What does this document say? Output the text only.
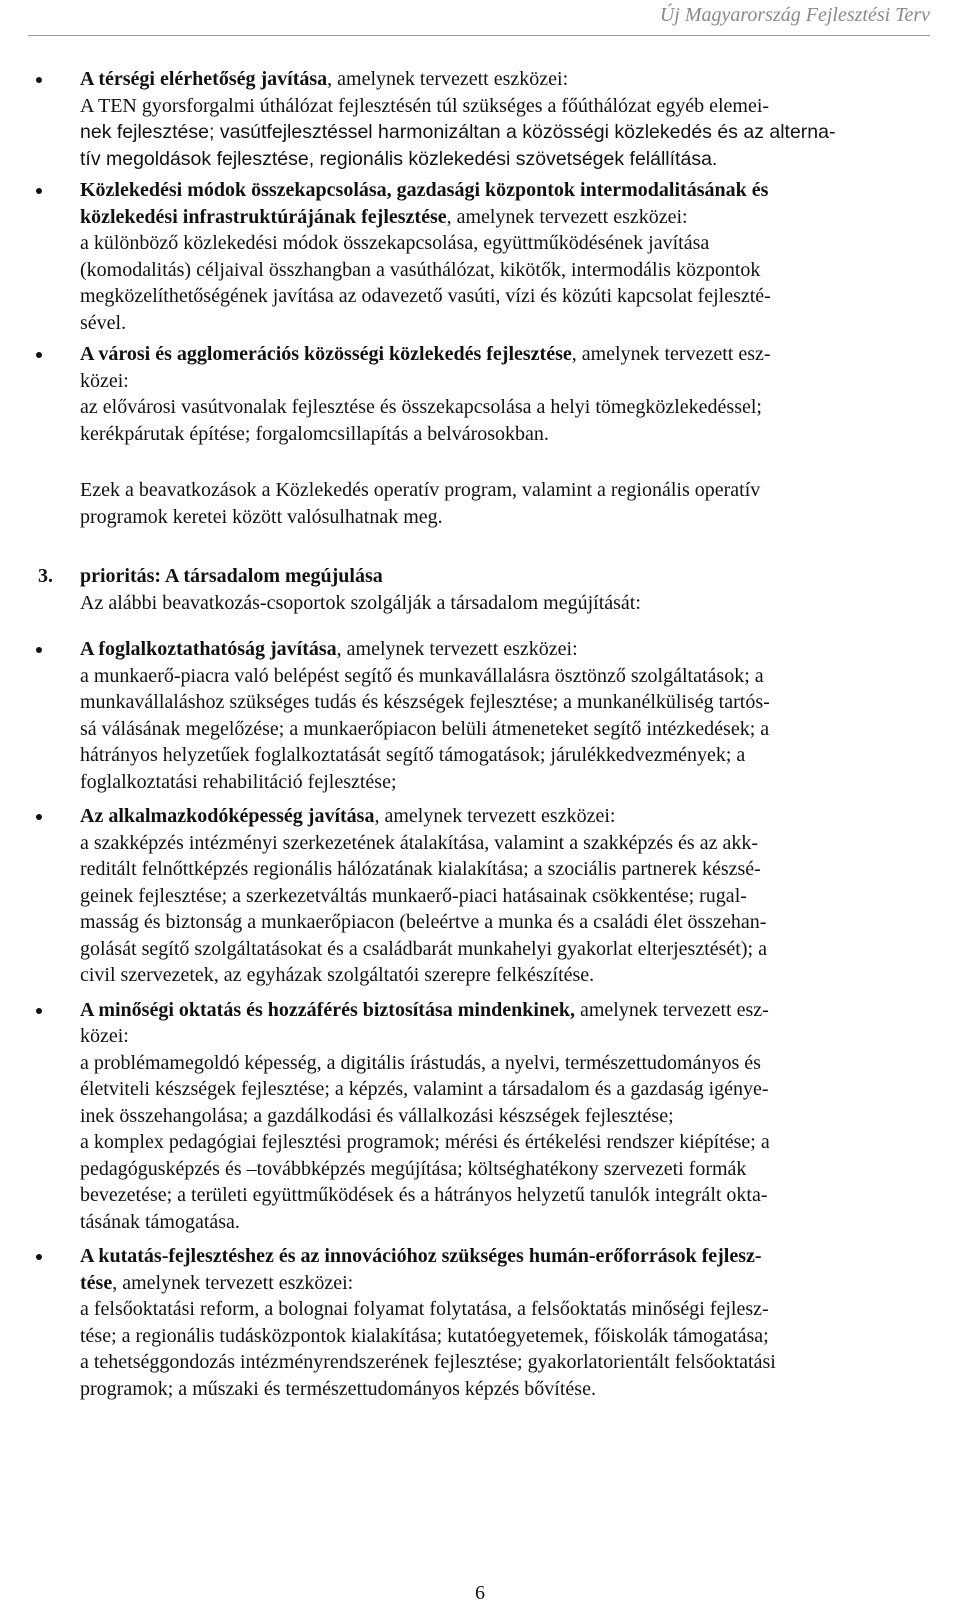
Új Magyarország Fejlesztési Terv
A térségi elérhetőség javítása, amelynek tervezett eszközei:
A TEN gyorsforgalmi úthálózat fejlesztésén túl szükséges a főúthálózat egyéb elemei-
nek fejlesztése; vasútfejlesztéssel harmonizáltan a közösségi közlekedés és az alterna-
tív megoldások fejlesztése, regionális közlekedési szövetségek felállítása.
Közlekedési módok összekapcsolása, gazdasági központok intermodalitásának és
közlekedési infrastruktúrájának fejlesztése, amelynek tervezett eszközei:
a különböző közlekedési módok összekapcsolása, együttműködésének javítása
(komodalitás) céljaival összhangban a vasúthálózat, kikötők, intermodális központok
megközelíthetőségének javítása az odavezető vasúti, vízi és közúti kapcsolat fejleszté-
sével.
A városi és agglomerációs közösségi közlekedés fejlesztése, amelynek tervezett esz-
közei:
az elővárosi vasútvonalak fejlesztése és összekapcsolása a helyi tömegközlekedéssel;
kerékpárutak építése; forgalomcsillapítás a belvárosokban.
Ezek a beavatkozások a Közlekedés operatív program, valamint a regionális operatív
programok keretei között valósulhatnak meg.
3. prioritás: A társadalom megújulása
Az alábbi beavatkozás-csoportok szolgálják a társadalom megújítását:
A foglalkoztathatóság javítása, amelynek tervezett eszközei:
a munkaerő-piacra való belépést segítő és munkavállalásra ösztönző szolgáltatások; a
munkavállaláshoz szükséges tudás és készségek fejlesztése; a munkanélküliség tartós-
sá válásának megelőzése; a munkaerőpiacon belüli átmeneteket segítő intézkedések; a
hátrányos helyzetűek foglalkoztatását segítő támogatások; járulékkedvezmények; a
foglalkoztatási rehabilitáció fejlesztése;
Az alkalmazkodóképesség javítása, amelynek tervezett eszközei:
a szakképzés intézményi szerkezetének átalakítása, valamint a szakképzés és az akk-
reditált felnőttképzés regionális hálózatának kialakítása; a szociális partnerek készsé-
geinek fejlesztése; a szerkezetváltás munkaerő-piaci hatásainak csökkentése; rugal-
masság és biztonság a munkaerőpiacon (beleértve a munka és a családi élet összehan-
golását segítő szolgáltatásokat és a családbarát munkahelyi gyakorlat elterjesztését); a
civil szervezetek, az egyházak szolgáltatói szerepre felkészítése.
A minőségi oktatás és hozzáférés biztosítása mindenkinek, amelynek tervezett esz-
közei:
a problémamegoldó képesség, a digitális írástudás, a nyelvi, természettudományos és
életviteli készségek fejlesztése; a képzés, valamint a társadalom és a gazdaság igénye-
inek összehangolása; a gazdálkodási és vállalkozási készségek fejlesztése;
a komplex pedagógiai fejlesztési programok; mérési és értékelési rendszer kiépítése; a
pedagógusképzés és –továbbképzés megújítása; költséghatékony szervezeti formák
bevezetése; a területi együttműködések és a hátrányos helyzetű tanulók integrált okta-
tásának támogatása.
A kutatás-fejlesztéshez és az innovációhoz szükséges humán-erőforrások fejlesz-
tése, amelynek tervezett eszközei:
a felsőoktatási reform, a bolognai folyamat folytatása, a felsőoktatás minőségi fejlesz-
tése; a regionális tudásközpontok kialakítása; kutatóegyetemek, főiskolák támogatása;
a tehetséggondozás intézményrendszerének fejlesztése; gyakorlatorientált felsőoktatási
programok; a műszaki és természettudományos képzés bővítése.
6
